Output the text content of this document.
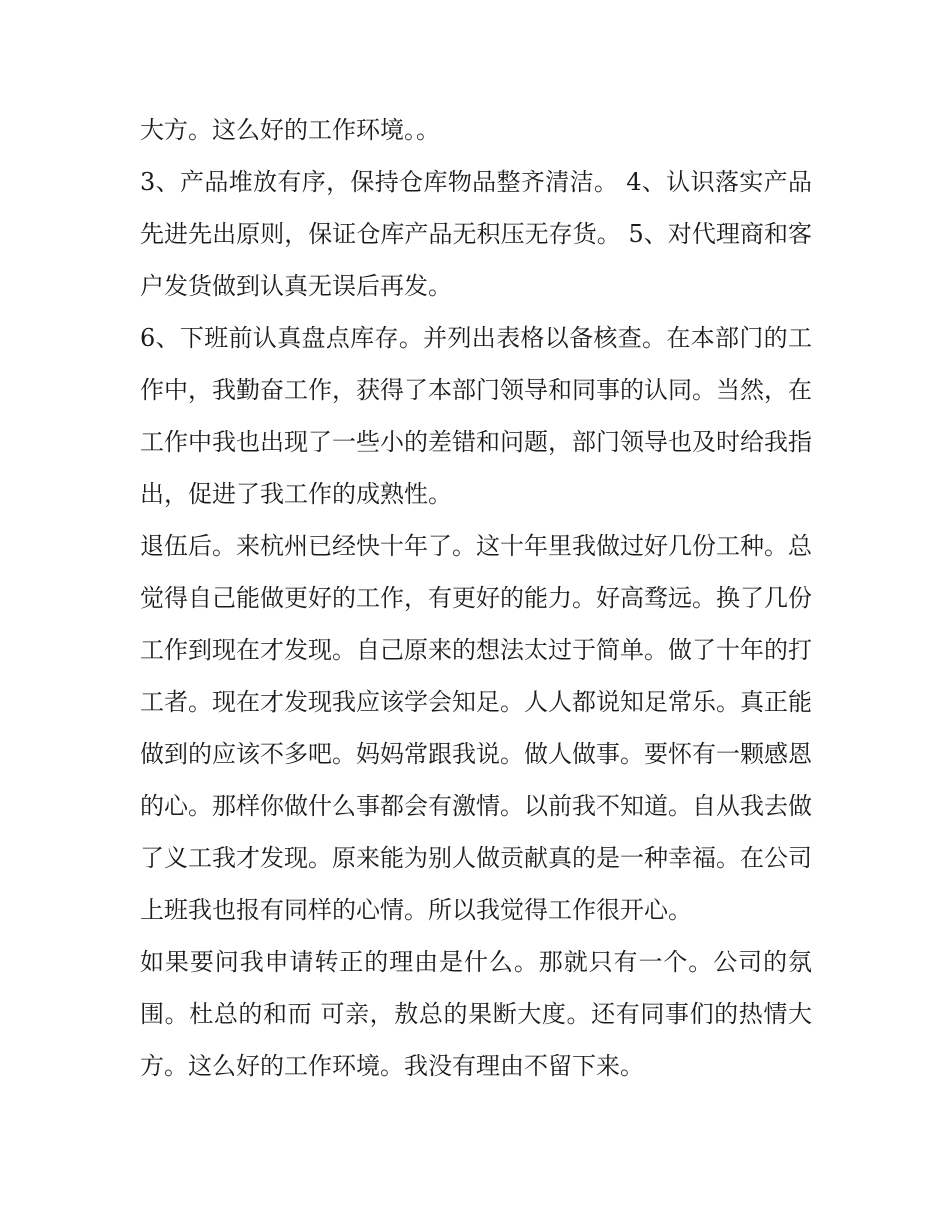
大方。这么好的工作环境。。

3、产品堆放有序，保持仓库物品整齐清洁。 4、认识落实产品先进先出原则，保证仓库产品无积压无存货。 5、对代理商和客户发货做到认真无误后再发。

6、下班前认真盘点库存。并列出表格以备核查。在本部门的工作中，我勤奋工作，获得了本部门领导和同事的认同。当然，在工作中我也出现了一些小的差错和问题，部门领导也及时给我指出，促进了我工作的成熟性。

退伍后。来杭州已经快十年了。这十年里我做过好几份工种。总觉得自己能做更好的工作，有更好的能力。好高骛远。换了几份工作到现在才发现。自己原来的想法太过于简单。做了十年的打工者。现在才发现我应该学会知足。人人都说知足常乐。真正能做到的应该不多吧。妈妈常跟我说。做人做事。要怀有一颗感恩的心。那样你做什么事都会有激情。以前我不知道。自从我去做了义工我才发现。原来能为别人做贡献真的是一种幸福。在公司上班我也报有同样的心情。所以我觉得工作很开心。

如果要问我申请转正的理由是什么。那就只有一个。公司的氛围。杜总的和而 可亲，敖总的果断大度。还有同事们的热情大方。这么好的工作环境。我没有理由不留下来。
